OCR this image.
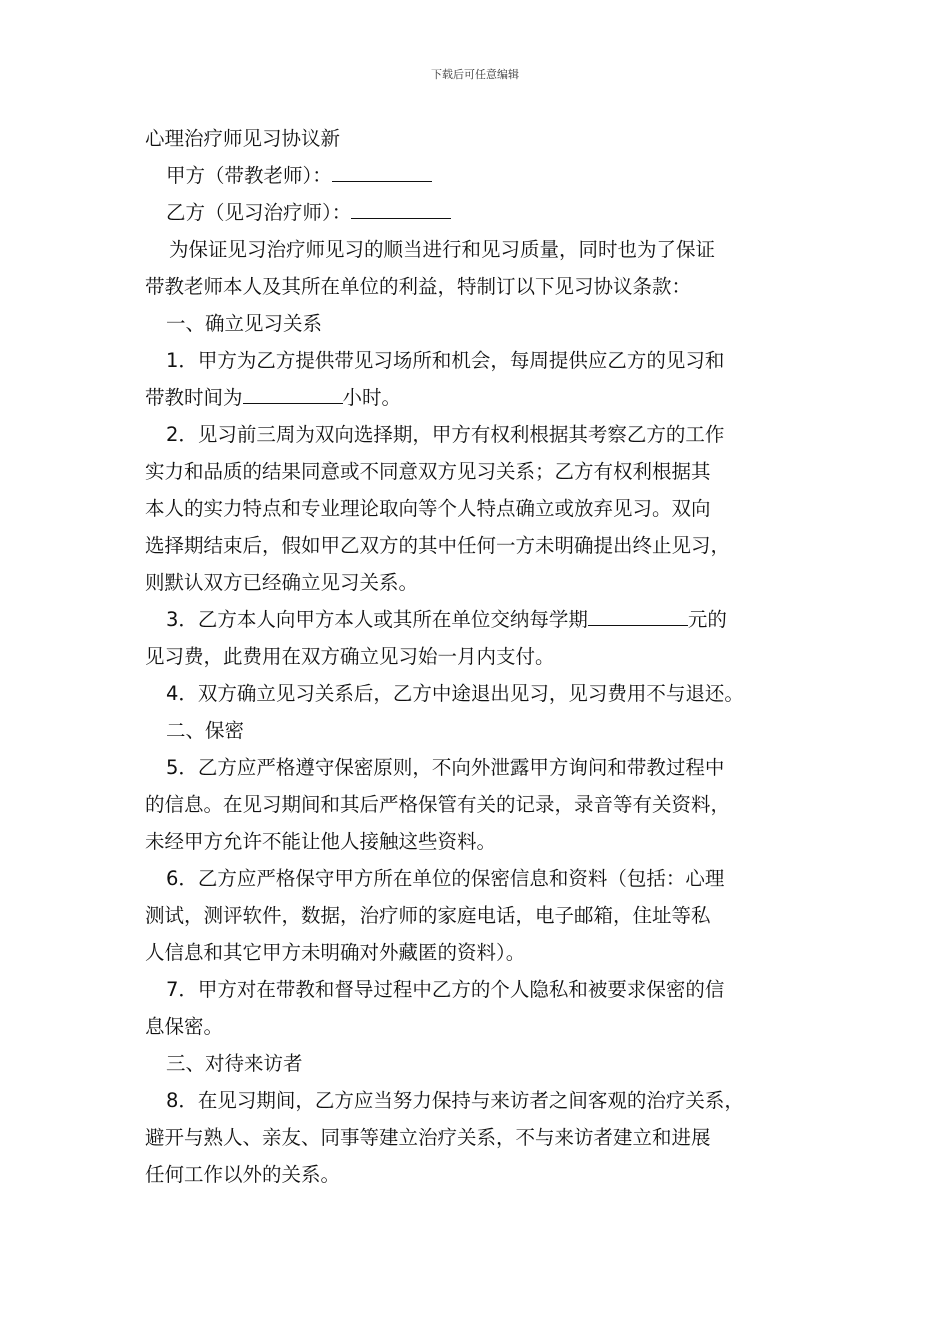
下载后可任意编辑

心理治疗师见习协议新

甲方（带教老师）：

乙方（见习治疗师）：

为保证见习治疗师见习的顺当进行和见习质量，同时也为了保证

带教老师本人及其所在单位的利益，特制订以下见习协议条款：

一、确立见习关系

1．甲方为乙方提供带见习场所和机会，每周提供应乙方的见习和

带教时间为	小时。

2．见习前三周为双向选择期，甲方有权利根据其考察乙方的工作

实力和品质的结果同意或不同意双方见习关系；乙方有权利根据其

本人的实力特点和专业理论取向等个人特点确立或放弃见习。双向

选择期结束后，假如甲乙双方的其中任何一方未明确提出终止见习，

则默认双方已经确立见习关系。

3．乙方本人向甲方本人或其所在单位交纳每学期	元的

见习费，此费用在双方确立见习始一月内支付。

4．双方确立见习关系后，乙方中途退出见习，见习费用不与退还。

二、保密

5．乙方应严格遵守保密原则，不向外泄露甲方询问和带教过程中

的信息。在见习期间和其后严格保管有关的记录，录音等有关资料，

未经甲方允许不能让他人接触这些资料。

6．乙方应严格保守甲方所在单位的保密信息和资料（包括：心理

测试，测评软件，数据，治疗师的家庭电话，电子邮箱，住址等私

人信息和其它甲方未明确对外藏匿的资料）。

7．甲方对在带教和督导过程中乙方的个人隐私和被要求保密的信

息保密。

三、对待来访者

8．在见习期间，乙方应当努力保持与来访者之间客观的治疗关系，

避开与熟人、亲友、同事等建立治疗关系，不与来访者建立和进展

任何工作以外的关系。
